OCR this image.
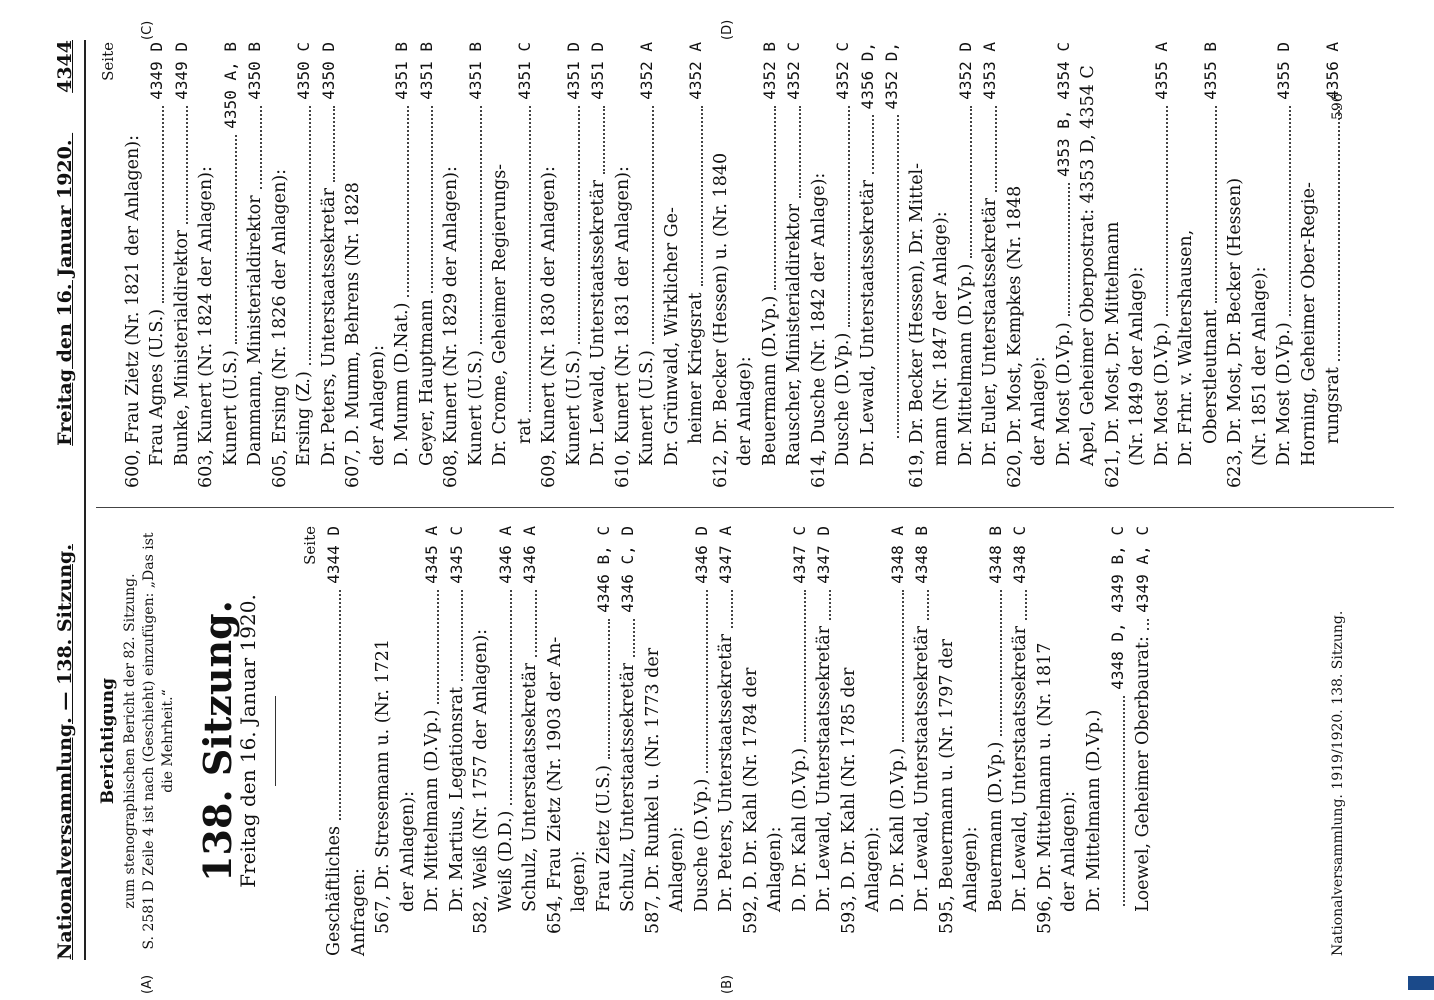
Nationalversammlung. — 138. Sitzung.
Freitag den 16. Januar 1920. 4344
(A)	(B)
(C)	(D)
Berichtigung zum stenographischen Bericht der 82. Sitzung. S. 2581 D Zeile 4 ist nach (Geschieht) einzufügen: „Das ist die Mehrheit.“ 138. Sitzung.
Freitag den 16. Januar 1920.
Seite
Geschäftliches
4344 D
Anfragen: 567, Dr. Stresemann u. (Nr. 1721 der Anlagen): Dr. Mittelmann (D.Vp.)
4345 A
Dr. Martius, Legationsrat
4345 C
582, Weiß (Nr. 1757 der Anlagen): Weiß (D.D.)
4346 A
Schulz, Unterstaatssekretär
4346 A
654, Frau Zietz (Nr. 1903 der An- lagen): Frau Zietz (U.S.)
4346 B, C
Schulz, Unterstaatssekretär
4346 C, D
587, Dr. Runkel u. (Nr. 1773 der Anlagen): Dusche (D.Vp.)
4346 D
Dr. Peters, Unterstaatssekretär
4347 A
592, D. Dr. Kahl (Nr. 1784 der Anlagen): D. Dr. Kahl (D.Vp.)
4347 C
Dr. Lewald, Unterstaatssekretär
4347 D
593, D. Dr. Kahl (Nr. 1785 der Anlagen): D. Dr. Kahl (D.Vp.)
4348 A
Dr. Lewald, Unterstaatssekretär
4348 B
595, Beuermann u. (Nr. 1797 der Anlagen): Beuermann (D.Vp.)
4348 B
Dr. Lewald, Unterstaatssekretär
4348 C
596, Dr. Mittelmann u. (Nr. 1817 der Anlagen): Dr. Mittelmann (D.Vp.)
4348 D, 4349 B, C
Loewel, Geheimer Oberbaurat:
4349 A, C
Seite
600, Frau Zietz (Nr. 1821 der Anlagen): Frau Agnes (U.S.)
4349 D
Bunke, Ministerialdirektor
4349 D
603, Kunert (Nr. 1824 der Anlagen): Kunert (U.S.)
4350 A, B
Dammann, Ministerialdirektor
4350 B
605, Ersing (Nr. 1826 der Anlagen): Ersing (Z.)
4350 C
Dr. Peters, Unterstaatssekretär
4350 D
607, D. Mumm, Behrens (Nr. 1828 der Anlagen): D. Mumm (D.Nat.)
4351 B
Geyer, Hauptmann
4351 B
608, Kunert (Nr. 1829 der Anlagen): Kunert (U.S.)
4351 B
Dr. Crome, Geheimer Regierungs- rat
4351 C
609, Kunert (Nr. 1830 der Anlagen): Kunert (U.S.)
4351 D
Dr. Lewald, Unterstaatssekretär
4351 D
610, Kunert (Nr. 1831 der Anlagen): Kunert (U.S.)
4352 A
Dr. Grünwald, Wirklicher Ge- heimer Kriegsrat
4352 A
612, Dr. Becker (Hessen) u. (Nr. 1840 der Anlage): Beuermann (D.Vp.)
4352 B
Rauscher, Ministerialdirektor
4352 C
614, Dusche (Nr. 1842 der Anlage): Dusche (D.Vp.)
4352 C
Dr. Lewald, Unterstaatssekretär
4356 D, 4352 D,
619, Dr. Becker (Hessen), Dr. Mittel- mann (Nr. 1847 der Anlage): Dr. Mittelmann (D.Vp.)
4352 D
Dr. Euler, Unterstaatssekretär
4353 A
620, Dr. Most, Kempkes (Nr. 1848 der Anlage): Dr. Most (D.Vp.)
4353 B, 4354 C Apel, Geheimer Oberpostrat: 4353 D, 4354 C 621, Dr. Most, Dr. Mittelmann (Nr. 1849 der Anlage): Dr. Most (D.Vp.)
4355 A
Dr. Frhr. v. Waltershausen, Oberstleutnant
4355 B
623, Dr. Most, Dr. Becker (Hessen) (Nr. 1851 der Anlage): Dr. Most (D.Vp.)
4355 D
Horning, Geheimer Ober-Regie- rungsrat
4356 A
Nationalversammlung. 1919/1920. 138. Sitzung.
596
